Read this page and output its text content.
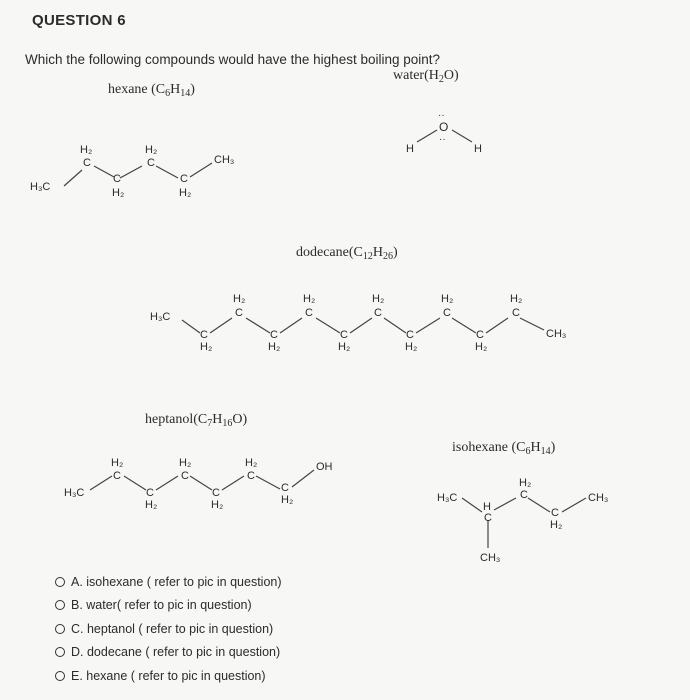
QUESTION 6
Which the following compounds would have the highest boiling point?
hexane $(C_6H_{14})$
$water(H_2O)$
$dodecane(C_{12}H_{26})$
$heptanol(C_7H_{16}O)$
isohexane $(C_6H_{14})$
H₃C
H₂
C
C
H₂
H₂
C
C
H₂
CH₃
H
··
O
··
H
H₃C
C
H₂
H₂
C
C
H₂
H₂
C
C
H₂
H₂
C
C
H₂
H₂
C
C
H₂
H₂
C
CH₃
H₃C
H₂
C
C
H₂
H₂
C
C
H₂
H₂
C
C
H₂
OH
H₃C
H
C
H₂
C
C
H₂
CH₃
CH₃
A. isohexane ( refer to pic in question)
B. water( refer to pic in question)
C. heptanol ( refer to pic in question)
D. dodecane ( refer to pic in question)
E. hexane ( refer to pic in question)
